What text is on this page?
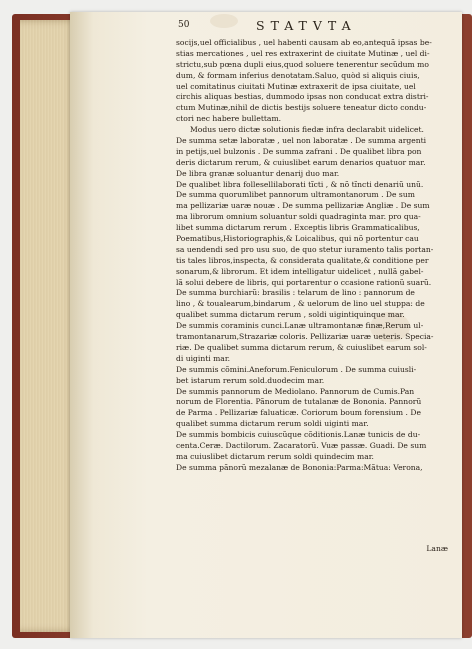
50	STATVTA
socijs,uel officialibus , uel habenti causam ab eo,antequã ipsas be-
stias mercationes , uel res extraxerint de ciuitate Mutinæ , uel di-
strictu,sub pœna dupli eius,quod soluere tenerentur secũdum mo
dum, & formam inferius denotatam.Saluo, quòd si aliquis ciuis,
uel comitatinus ciuitati Mutinæ extraxerit de ipsa ciuitate, uel
circhis aliquas bestias, dummodo ipsas non conducat extra distri-
ctum Mutinæ,nihil de dictis bestijs soluere teneatur dicto condu-
ctori nec habere bullettam.
Modus uero dictæ solutionis fiedæ infra declarabit uidelicet.
De summa setæ laboratæ , uel non laboratæ . De summa argenti
in petijs,uel bulzonis . De summa zafrani . De qualibet libra pon
deris dictarum rerum, & cuiuslibet earum denarios quatuor mar.
De libra granæ soluantur denarij duo mar.
De qualibet libra follesellilaborati tĩcti , & nõ tĩncti denariũ unũ.
De summa quorumlibet pannorum ultramontanorum . De sum
ma pellizariæ uaræ nouæ . De summa pellizariæ Angliæ . De sum
ma librorum omnium soluantur soldi quadraginta mar. pro qua-
libet summa dictarum rerum . Exceptis libris Grammaticalibus,
Poematibus,Historiographis,& Loicalibus, qui nõ portentur cau
sa uendendi sed pro usu suo, de quo stetur iuramento talis portan-
tis tales libros,inspecta, & considerata qualitate,& conditione per
sonarum,& librorum. Et idem intelligatur uidelicet , nullã gabel-
lã solui debere de libris, qui portarentur o ccasione rationũ suarũ.
De summa burchiarũ: brasilis : telarum de lino : pannorum de
lino , & toualearum,bindarum , & uelorum de lino uel stuppa: de
qualibet summa dictarum rerum , soldi uigintiquinque mar.
De summis coraminis cunci.Lanæ ultramontanæ finæ,Rerum ul-
tramontanarum,Strazariæ coloris. Pellizariæ uaræ ueteris. Specia-
riæ. De qualibet summa dictarum rerum, & cuiuslibet earum sol-
di uiginti mar.
De summis cõmini.Aneforum.Feniculorum . De summa cuiusli-
bet istarum rerum sold.duodecim mar.
De summis pannorum de Mediolano. Pannorum de Cumis.Pan
norum de Florentia. Pãnorum de tutalanæ de Bononia. Pannorũ
de Parma . Pellizariæ faluaticæ. Coriorum boum forensium . De
qualibet summa dictarum rerum soldi uiginti mar.
De summis bombicis cuiuscũque cõditionis.Lanæ tunicis de du-
centa.Ceræ. Dactilorum. Zacaratorũ. Vuæ passæ. Guadi. De sum
ma cuiuslibet dictarum rerum soldi quindecim mar.
De summa pãnorũ mezalanæ de Bononia:Parma:Mãtua: Verona,
Lanæ
